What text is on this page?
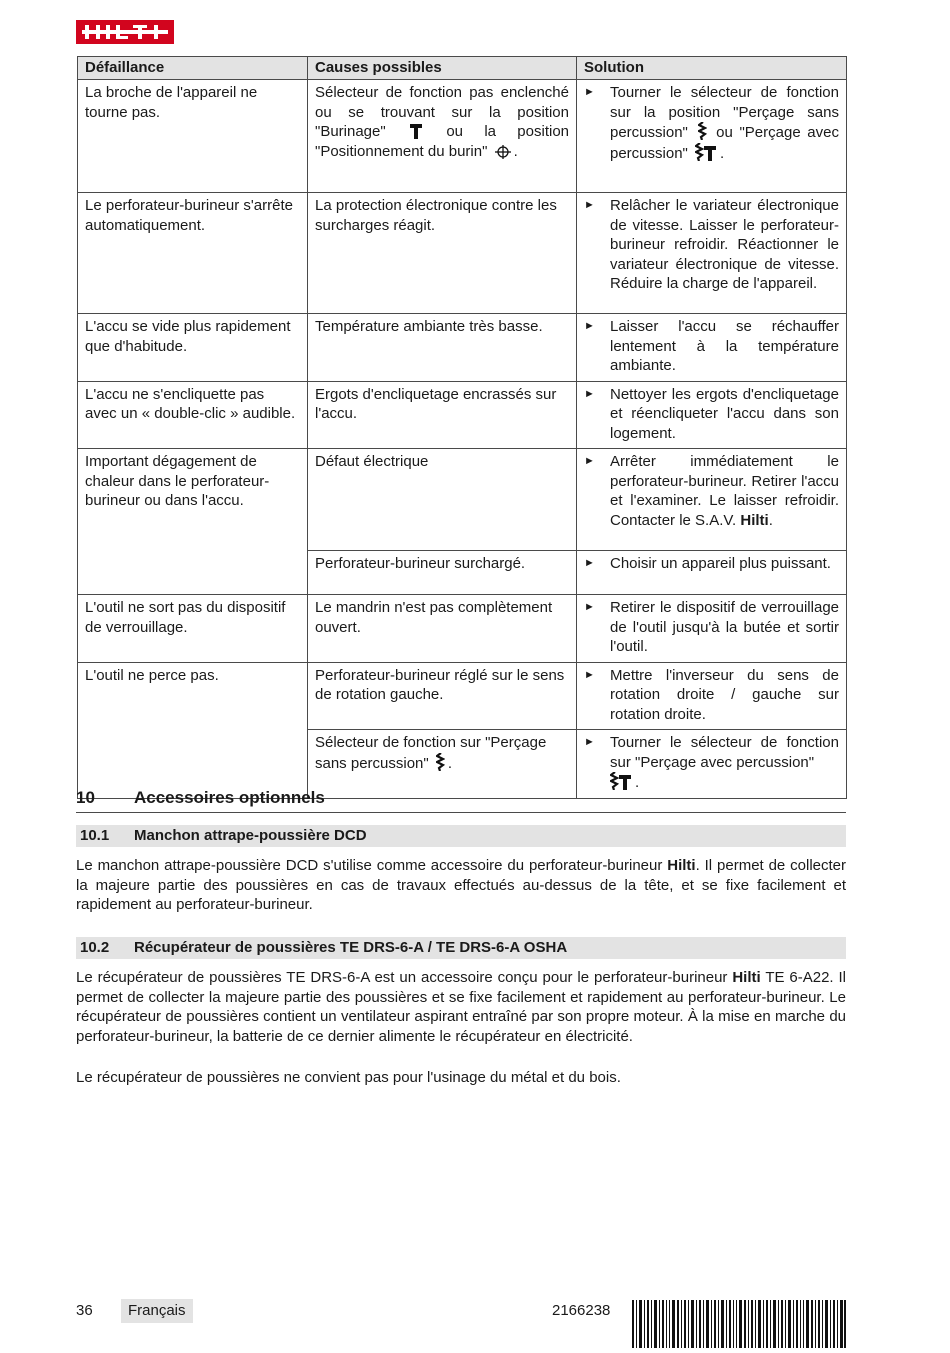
Défaillance	Causes possibles	Solution
La broche de l'appareil ne tourne pas.	Sélecteur de fonction pas enclenché ou se trouvant sur la position "Burinage" ou la position "Positionnement du burin" .	► Tourner le sélecteur de fonction sur la position "Perçage sans percussion" ou "Perçage avec percussion" .

Le perforateur-burineur s'arrête automatiquement.	La protection électronique contre les surcharges réagit.	► Relâcher le variateur électronique de vitesse. Laisser le perforateur-burineur refroidir. Réactionner le variateur électronique de vitesse. Réduire la charge de l'appareil.

L'accu se vide plus rapidement que d'habitude.	Température ambiante très basse.	► Laisser l'accu se réchauffer lentement à la température ambiante.

L'accu ne s'encliquette pas avec un « double-clic » audible.	Ergots d'encliquetage encrassés sur l'accu.	► Nettoyer les ergots d'encliquetage et réencliqueter l'accu dans son logement.

Important dégagement de chaleur dans le perforateur-burineur ou dans l'accu.	Défaut électrique	► Arrêter immédiatement le perforateur-burineur. Retirer l'accu et l'examiner. Le laisser refroidir. Contacter le S.A.V. Hilti.

	Perforateur-burineur surchargé.	► Choisir un appareil plus puissant.

L'outil ne sort pas du dispositif de verrouillage.	Le mandrin n'est pas complètement ouvert.	► Retirer le dispositif de verrouillage de l'outil jusqu'à la butée et sortir l'outil.

L'outil ne perce pas.	Perforateur-burineur réglé sur le sens de rotation gauche.	► Mettre l'inverseur du sens de rotation droite / gauche sur rotation droite.

	Sélecteur de fonction sur "Perçage sans percussion" .	► Tourner le sélecteur de fonction sur "Perçage avec percussion"
.
10 Accessoires optionnels
10.1 Manchon attrape-poussière DCD

Le manchon attrape-poussière DCD s'utilise comme accessoire du perforateur-burineur Hilti. Il permet de collecter la majeure partie des poussières en cas de travaux effectués au-dessus de la tête, et se fixe facilement et rapidement au perforateur-burineur.

10.2 Récupérateur de poussières TE DRS-6-A / TE DRS-6-A OSHA

Le récupérateur de poussières TE DRS-6-A est un accessoire conçu pour le perforateur-burineur Hilti TE 6-A22. Il permet de collecter la majeure partie des poussières et se fixe facilement et rapidement au perforateur-burineur. Le récupérateur de poussières contient un ventilateur aspirant entraîné par son propre moteur. À la mise en marche du perforateur-burineur, la batterie de ce dernier alimente le récupérateur en électricité.

Le récupérateur de poussières ne convient pas pour l'usinage du métal et du bois.

36	Français	2166238
